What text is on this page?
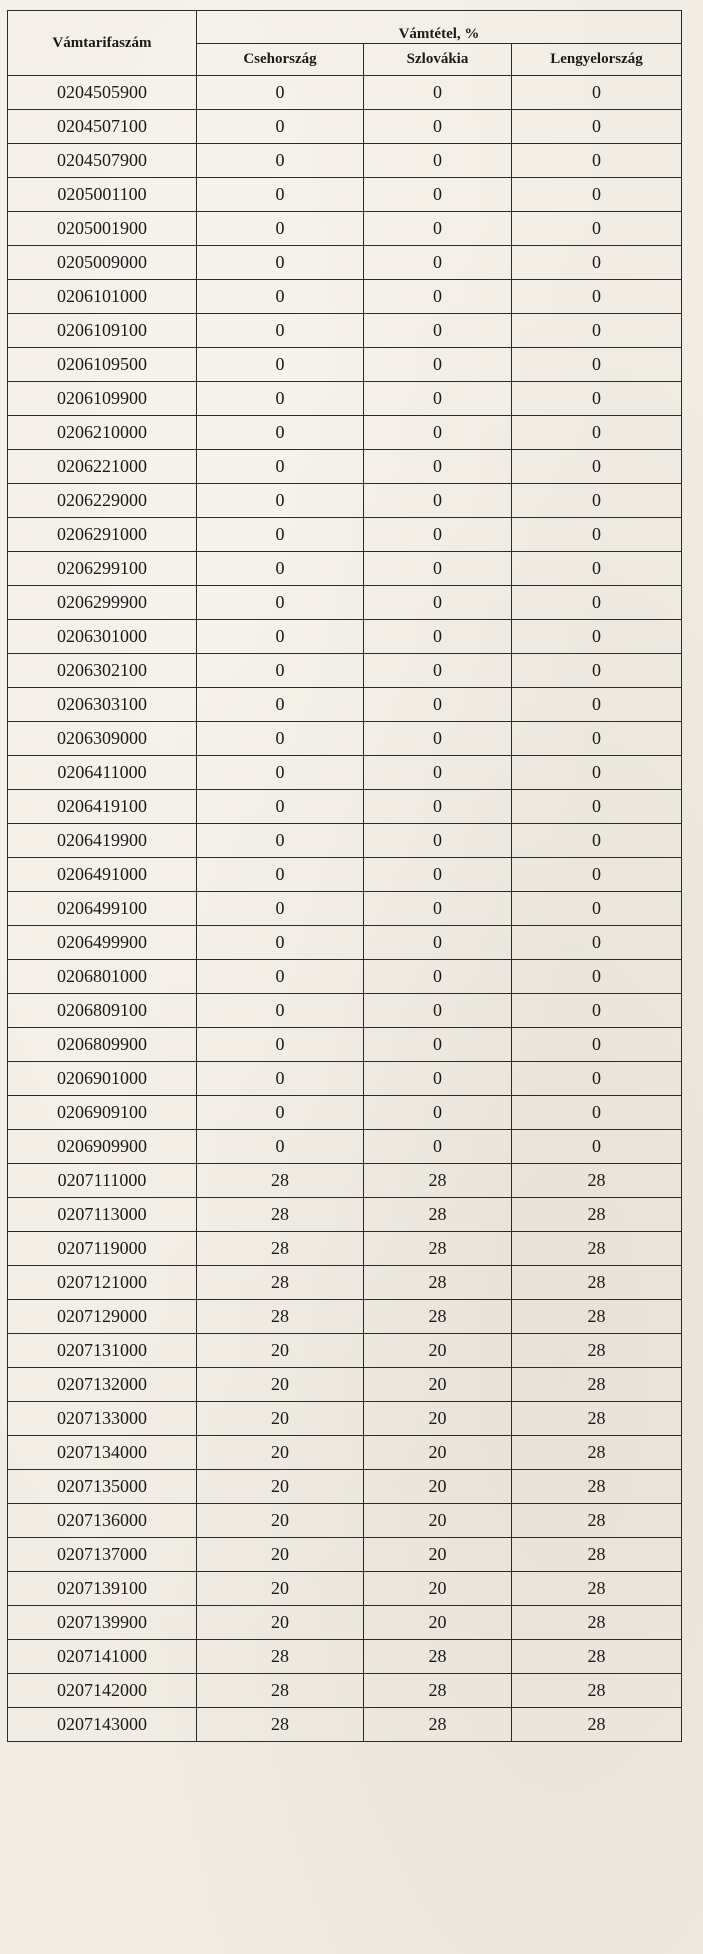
Vámtarifaszám	Vámtétel, %		
	Csehország	Szlovákia	Lengyelország
0204505900	0	0	0
0204507100	0	0	0
0204507900	0	0	0
0205001100	0	0	0
0205001900	0	0	0
0205009000	0	0	0
0206101000	0	0	0
0206109100	0	0	0
0206109500	0	0	0
0206109900	0	0	0
0206210000	0	0	0
0206221000	0	0	0
0206229000	0	0	0
0206291000	0	0	0
0206299100	0	0	0
0206299900	0	0	0
0206301000	0	0	0
0206302100	0	0	0
0206303100	0	0	0
0206309000	0	0	0
0206411000	0	0	0
0206419100	0	0	0
0206419900	0	0	0
0206491000	0	0	0
0206499100	0	0	0
0206499900	0	0	0
0206801000	0	0	0
0206809100	0	0	0
0206809900	0	0	0
0206901000	0	0	0
0206909100	0	0	0
0206909900	0	0	0
0207111000	28	28	28
0207113000	28	28	28
0207119000	28	28	28
0207121000	28	28	28
0207129000	28	28	28
0207131000	20	20	28
0207132000	20	20	28
0207133000	20	20	28
0207134000	20	20	28
0207135000	20	20	28
0207136000	20	20	28
0207137000	20	20	28
0207139100	20	20	28
0207139900	20	20	28
0207141000	28	28	28
0207142000	28	28	28
0207143000	28	28	28
